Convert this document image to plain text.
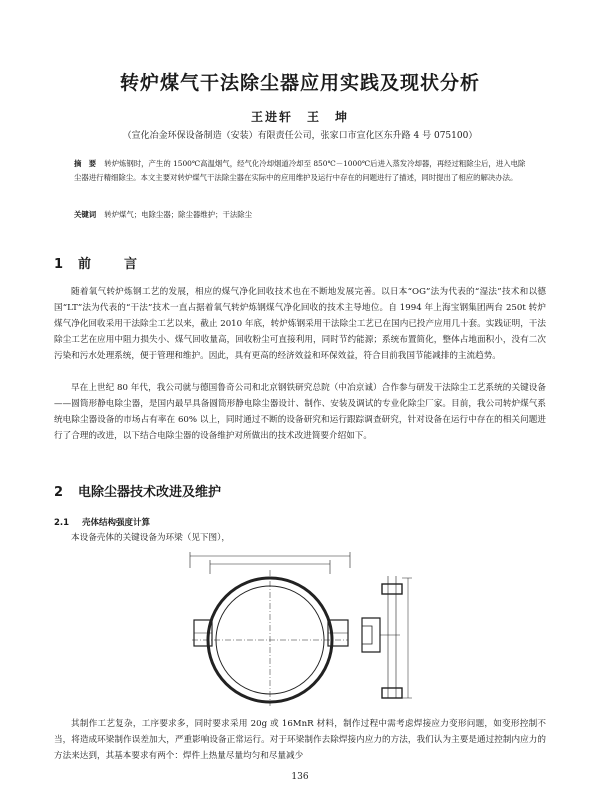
转炉煤气干法除尘器应用实践及现状分析
王进轩　王　坤
（宣化冶金环保设备制造（安装）有限责任公司，张家口市宣化区东升路 4 号 075100）
摘　要 转炉炼钢时，产生的 1500℃高温烟气，经气化冷却烟道冷却至 850℃－1000℃后进入蒸发冷却器，再经过粗除尘后，进入电除尘器进行精细除尘。本文主要对转炉煤气干法除尘器在实际中的应用维护及运行中存在的问题进行了描述，同时提出了相应的解决办法。
关键词 转炉煤气；电除尘器；除尘器维护；干法除尘
1 前　言
随着氧气转炉炼钢工艺的发展，相应的煤气净化回收技术也在不断地发展完善。以日本“OG”法为代表的“湿法”技术和以德国“LT”法为代表的“干法”技术一直占据着氧气转炉炼钢煤气净化回收的技术主导地位。自 1994 年上海宝钢集团两台 250t 转炉煤气净化回收采用干法除尘工艺以来，截止 2010 年底，转炉炼钢采用干法除尘工艺已在国内已投产应用几十套。实践证明，干法除尘工艺在应用中阻力损失小、煤气回收量高，回收粉尘可直接利用，同时节约能源；系统布置简化，整体占地面积小，没有二次污染和污水处理系统，便于管理和维护。因此，具有更高的经济效益和环保效益，符合目前我国节能减排的主流趋势。
早在上世纪 80 年代，我公司就与德国鲁奇公司和北京钢铁研究总院（中冶京诚）合作参与研发干法除尘工艺系统的关键设备——圆筒形静电除尘器，是国内最早具备圆筒形静电除尘器设计、制作、安装及调试的专业化除尘厂家。目前，我公司转炉煤气系统电除尘器设备的市场占有率在 60% 以上，同时通过不断的设备研究和运行跟踪调查研究，针对设备在运行中存在的相关问题进行了合理的改进，以下结合电除尘器的设备维护对所做出的技术改进简要介绍如下。
2 电除尘器技术改进及维护
2.1 壳体结构强度计算
本设备壳体的关键设备为环梁（见下图），
其制作工艺复杂，工序要求多，同时要求采用 20g 或 16MnR 材料，制作过程中需考虑焊接应力变形问题，如变形控制不当，将造成环梁制作误差加大，严重影响设备正常运行。对于环梁制作去除焊接内应力的方法，我们认为主要是通过控制内应力的方法来达到，其基本要求有两个：焊件上热量尽量均匀和尽量减少
136
